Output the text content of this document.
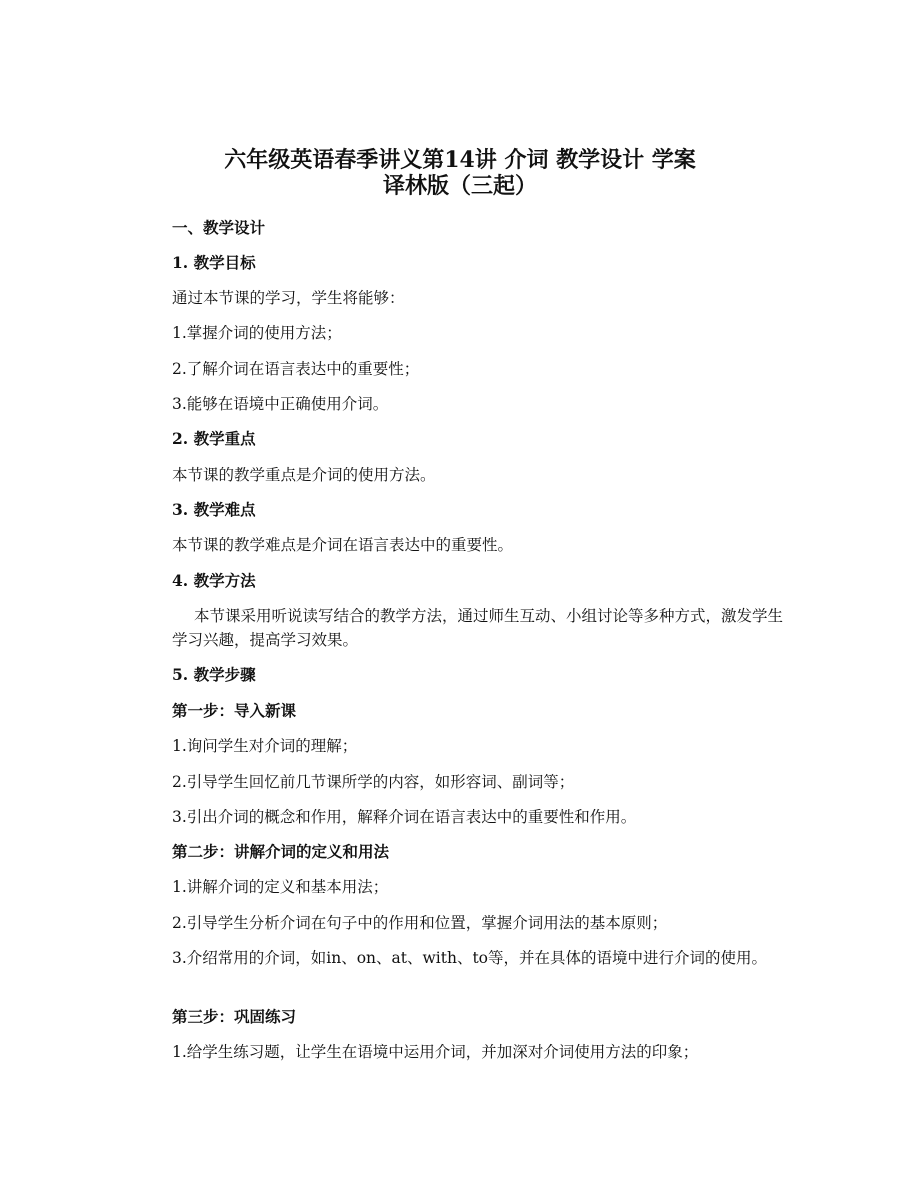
六年级英语春季讲义第14讲 介词 教学设计 学案
译林版（三起）
一、教学设计
1. 教学目标
通过本节课的学习，学生将能够：
1.掌握介词的使用方法；
2.了解介词在语言表达中的重要性；
3.能够在语境中正确使用介词。
2. 教学重点
本节课的教学重点是介词的使用方法。
3. 教学难点
本节课的教学难点是介词在语言表达中的重要性。
4. 教学方法
本节课采用听说读写结合的教学方法，通过师生互动、小组讨论等多种方式，激发学生学习兴趣，提高学习效果。
5. 教学步骤
第一步：导入新课
1.询问学生对介词的理解；
2.引导学生回忆前几节课所学的内容，如形容词、副词等；
3.引出介词的概念和作用，解释介词在语言表达中的重要性和作用。
第二步：讲解介词的定义和用法
1.讲解介词的定义和基本用法；
2.引导学生分析介词在句子中的作用和位置，掌握介词用法的基本原则；
3.介绍常用的介词，如in、on、at、with、to等，并在具体的语境中进行介词的使用。
第三步：巩固练习
1.给学生练习题，让学生在语境中运用介词，并加深对介词使用方法的印象；
